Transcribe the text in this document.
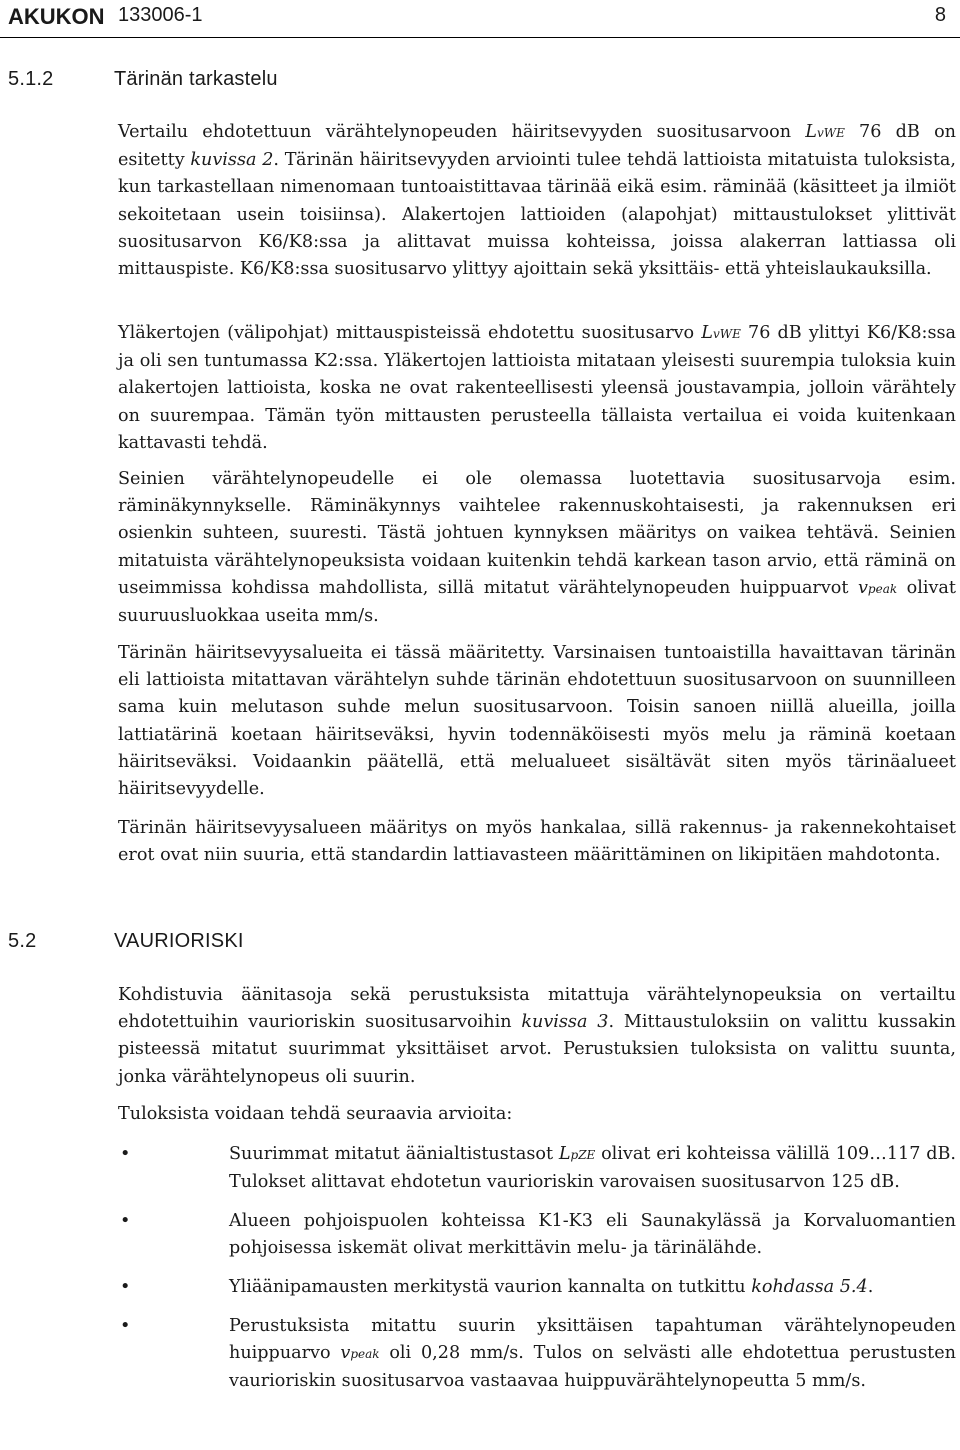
AKUKON 133006-1	8
5.1.2	Tärinän tarkastelu

Vertailu ehdotettuun värähtelynopeuden häiritsevyyden suositusarvoon LvWE 76 dB on esitetty kuvissa 2. Tärinän häiritsevyyden arviointi tulee tehdä lattioista mitatuista tuloksista, kun tarkastellaan nimenomaan tuntoaistittavaa tärinää eikä esim. räminää (käsitteet ja ilmiöt sekoitetaan usein toisiinsa). Alakertojen lattioiden (alapohjat) mittaustulokset ylittivät suositusarvon K6/K8:ssa ja alittavat muissa kohteissa, joissa alakerran lattiassa oli mittauspiste. K6/K8:ssa suositusarvo ylittyy ajoittain sekä yksittäis- että yhteislaukauksilla.

Yläkertojen (välipohjat) mittauspisteissä ehdotettu suositusarvo LvWE 76 dB ylittyi K6/K8:ssa ja oli sen tuntumassa K2:ssa. Yläkertojen lattioista mitataan yleisesti suurempia tuloksia kuin alakertojen lattioista, koska ne ovat rakenteellisesti yleensä joustavampia, jolloin värähtely on suurempaa. Tämän työn mittausten perusteella tällaista vertailua ei voida kuitenkaan kattavasti tehdä.

Seinien värähtelynopeudelle ei ole olemassa luotettavia suositusarvoja esim. räminäkynnykselle. Räminäkynnys vaihtelee rakennuskohtaisesti, ja rakennuksen eri osienkin suhteen, suuresti. Tästä johtuen kynnyksen määritys on vaikea tehtävä. Seinien mitatuista värähtelynopeuksista voidaan kuitenkin tehdä karkean tason arvio, että räminä on useimmissa kohdissa mahdollista, sillä mitatut värähtelynopeuden huippuarvot vpeak olivat suuruusluokkaa useita mm/s.

Tärinän häiritsevyysalueita ei tässä määritetty. Varsinaisen tuntoaistilla havaittavan tärinän eli lattioista mitattavan värähtelyn suhde tärinän ehdotettuun suositusarvoon on suunnilleen sama kuin melutason suhde melun suositusarvoon. Toisin sanoen niillä alueilla, joilla lattiatärinä koetaan häiritseväksi, hyvin todennäköisesti myös melu ja räminä koetaan häiritseväksi. Voidaankin päätellä, että melualueet sisältävät siten myös tärinäalueet häiritsevyydelle.

Tärinän häiritsevyysalueen määritys on myös hankalaa, sillä rakennus- ja rakennekohtaiset erot ovat niin suuria, että standardin lattiavasteen määrittäminen on likipitäen mahdotonta.

5.2	VAURIORISKI

Kohdistuvia äänitasoja sekä perustuksista mitattuja värähtelynopeuksia on vertailtu ehdotettuihin vaurioriskin suositusarvoihin kuvissa 3. Mittaustuloksiin on valittu kussakin pisteessä mitatut suurimmat yksittäiset arvot. Perustuksien tuloksista on valittu suunta, jonka värähtelynopeus oli suurin.

Tuloksista voidaan tehdä seuraavia arvioita:

•	Suurimmat mitatut äänialtistustasot LpZE olivat eri kohteissa välillä 109…117 dB. Tulokset alittavat ehdotetun vaurioriskin varovaisen suositusarvon 125 dB.
•	Alueen pohjoispuolen kohteissa K1-K3 eli Saunakylässä ja Korvaluomantien pohjoisessa iskemät olivat merkittävin melu- ja tärinälähde.
•	Yliäänipamausten merkitystä vaurion kannalta on tutkittu kohdassa 5.4.
•	Perustuksista mitattu suurin yksittäisen tapahtuman värähtelynopeuden huippuarvo vpeak oli 0,28 mm/s. Tulos on selvästi alle ehdotettua perustusten vaurioriskin suositusarvoa vastaavaa huippuvärähtelynopeutta 5 mm/s.
